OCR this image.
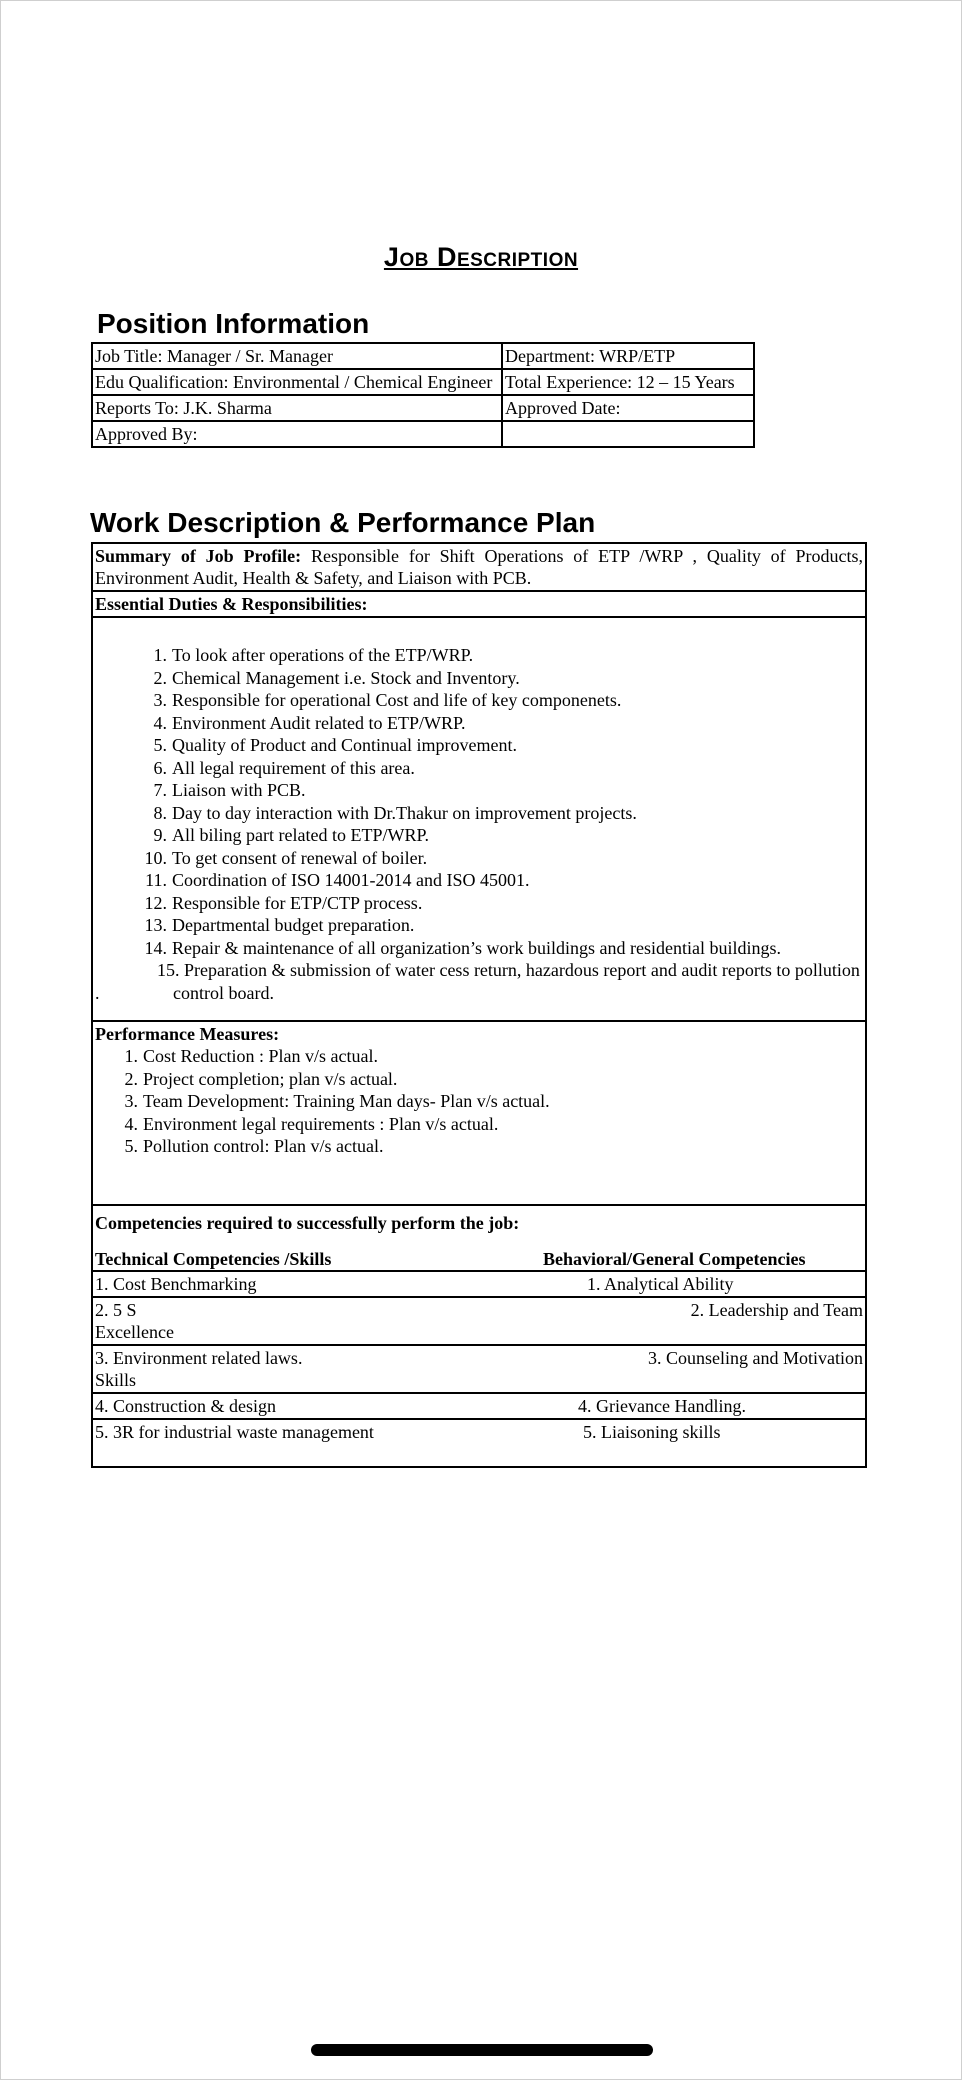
Job Description
Position Information
Job Title: Manager / Sr. Manager	Department: WRP/ETP
Edu Qualification: Environmental / Chemical Engineer	Total Experience: 12 – 15 Years
Reports To: J.K. Sharma	Approved Date:
Approved By:	
Work Description & Performance Plan
Summary of Job Profile: Responsible for Shift Operations of ETP /WRP , Quality of Products, Environment Audit, Health & Safety, and Liaison with PCB.
Essential Duties & Responsibilities:
1. To look after operations of the ETP/WRP.
2. Chemical Management i.e. Stock and Inventory.
3. Responsible for operational Cost and life of key componenets.
4. Environment Audit related to ETP/WRP.
5. Quality of Product and Continual improvement.
6. All legal requirement of this area.
7. Liaison with PCB.
8. Day to day interaction with Dr.Thakur on improvement projects.
9. All biling part related to ETP/WRP.
10. To get consent of renewal of boiler.
11. Coordination of ISO 14001-2014 and ISO 45001.
12. Responsible for ETP/CTP process.
13. Departmental budget preparation.
14. Repair & maintenance of all organization’s work buildings and residential buildings.
15. Preparation & submission of water cess return, hazardous report and audit reports to pollution
.	control board.
Performance Measures:
1. Cost Reduction : Plan v/s actual.
2. Project completion; plan v/s actual.
3. Team Development: Training Man days- Plan v/s actual.
4. Environment legal requirements : Plan v/s actual.
5. Pollution control: Plan v/s actual.
Competencies required to successfully perform the job:
Technical Competencies /Skills	Behavioral/General Competencies
1. Cost Benchmarking	1. Analytical Ability
2. 5 S	2. Leadership and Team
Excellence
3. Environment related laws.	3. Counseling and Motivation
Skills
4. Construction & design	4. Grievance Handling.
5. 3R for industrial waste management	5. Liaisoning skills
